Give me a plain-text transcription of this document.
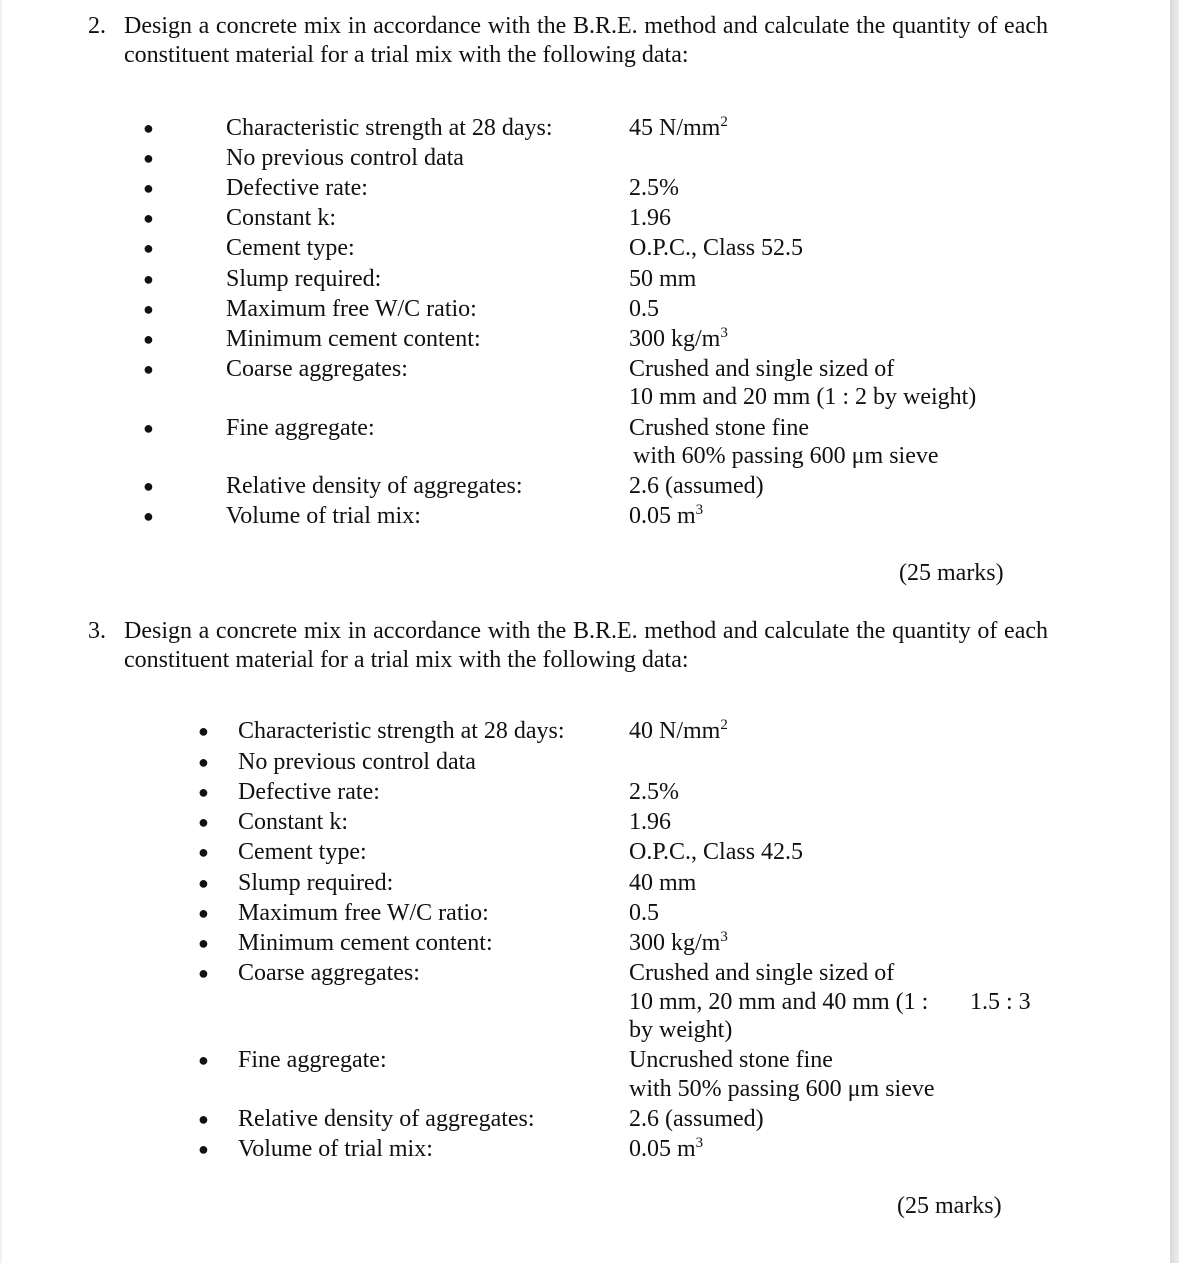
2. Design a concrete mix in accordance with the B.R.E. method and calculate the quantity of each constituent material for a trial mix with the following data:
●	Characteristic strength at 28 days:	45 $N/mm^2$
●	No previous control data
●	Defective rate:	2.5%
●	Constant k:	1.96
●	Cement type:	O.P.C., Class 52.5
●	Slump required:	50 mm
●	Maximum free W/C ratio:	0.5
●	Minimum cement content:	300 $kg/m^3$
●	Coarse aggregates:	Crushed and single sized of
10 mm and 20 mm (1 : 2 by weight)
●	Fine aggregate:	Crushed stone fine
with 60% passing 600 μm sieve
●	Relative density of aggregates:	2.6 (assumed)
●	Volume of trial mix:	0.05 $m^3$
(25 marks)
3. Design a concrete mix in accordance with the B.R.E. method and calculate the quantity of each constituent material for a trial mix with the following data:
● Characteristic strength at 28 days:	40 $N/mm^2$
● No previous control data
● Defective rate:	2.5%
● Constant k:	1.96
● Cement type:	O.P.C., Class 42.5
● Slump required:	40 mm
● Maximum free W/C ratio:	0.5
● Minimum cement content:	300 $kg/m^3$
● Coarse aggregates:	Crushed and single sized of
10 mm, 20 mm and 40 mm (1 : 1.5 : 3
by weight)
● Fine aggregate:	Uncrushed stone fine
with 50% passing 600 μm sieve
● Relative density of aggregates:	2.6 (assumed)
● Volume of trial mix:	0.05 $m^3$
(25 marks)
